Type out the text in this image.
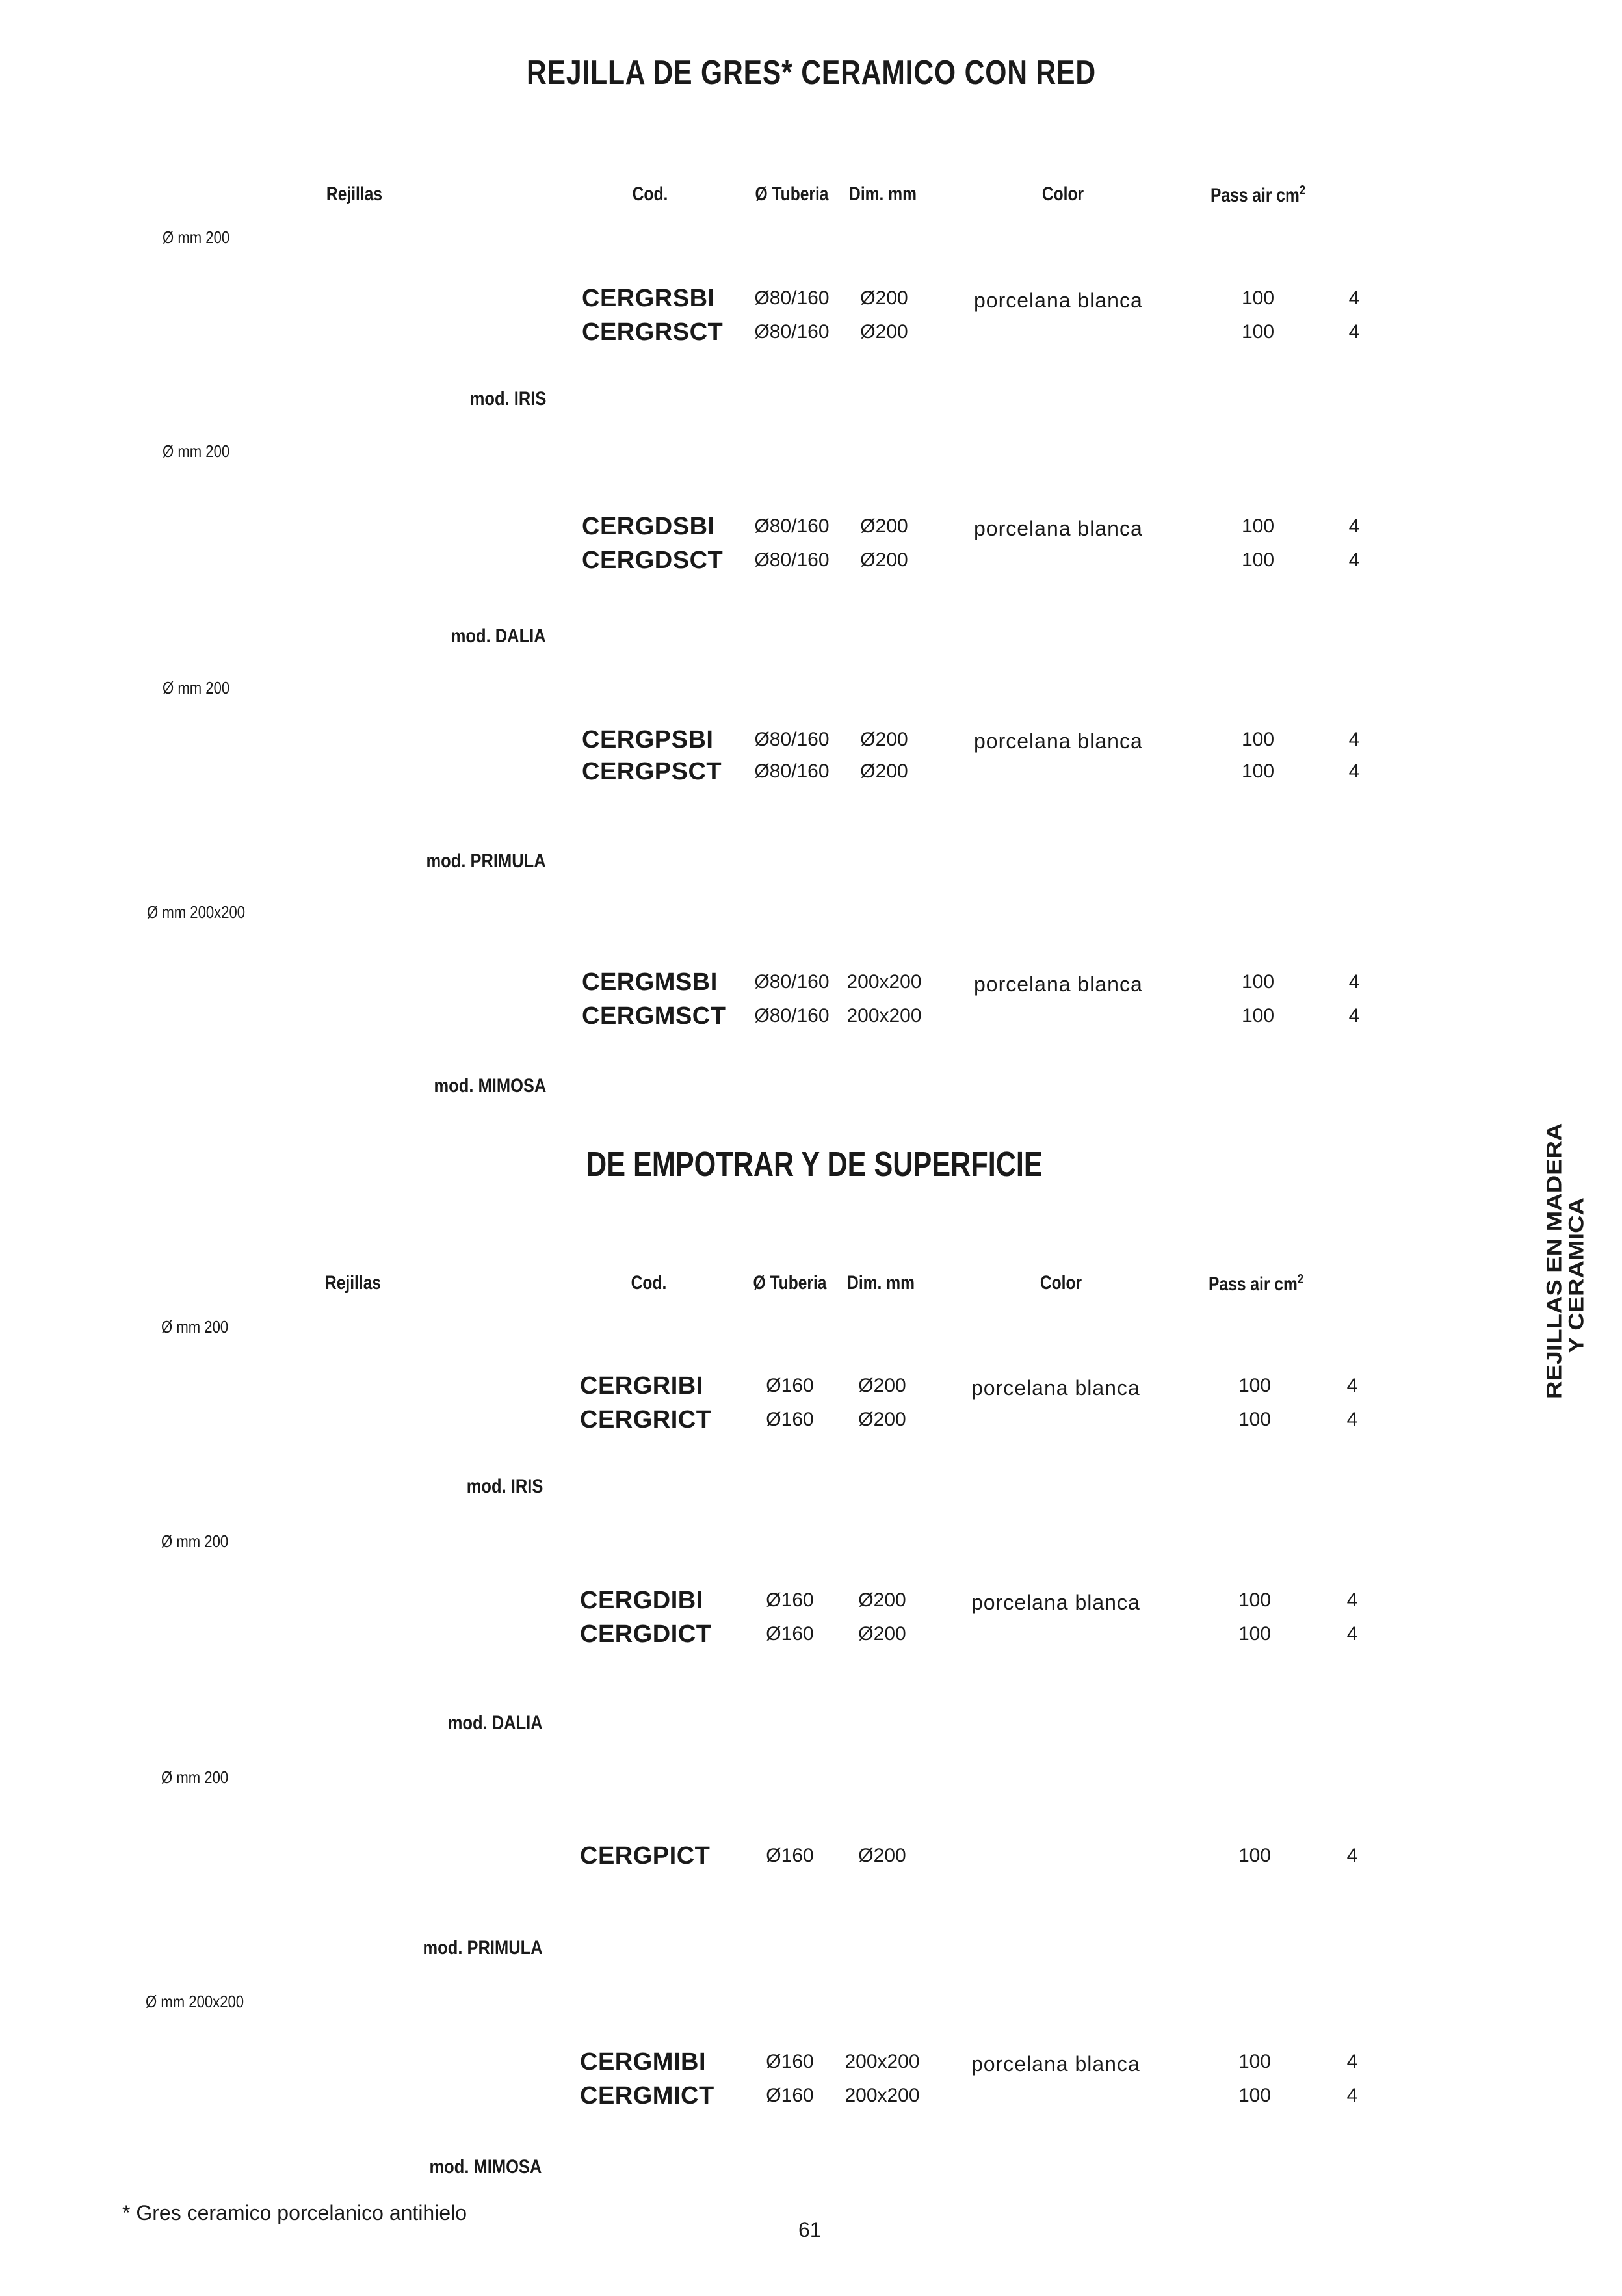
REJILLA DE GRES* CERAMICO CON RED
Rejillas	Cod.	Ø Tuberia Dim. mm	Color	Pass air $cm^2$
Ø mm 200
CERGRSBI Ø80/160 Ø200	porcelana blanca	100	4
CERGRSCT Ø80/160 Ø200	100	4
mod. IRIS
Ø mm 200
CERGDSBI Ø80/160 Ø200	porcelana blanca	100	4
CERGDSCT Ø80/160 Ø200	100	4
mod. DALIA
Ø mm 200
CERGPSBI Ø80/160 Ø200	porcelana blanca	100	4
CERGPSCT Ø80/160 Ø200	100	4
mod. PRIMULA
Ø mm 200x200
CERGMSBI Ø80/160 200x200	porcelana blanca	100	4
CERGMSCT Ø80/160 200x200	100	4
mod. MIMOSA
DE EMPOTRAR Y DE SUPERFICIE
Rejillas	Cod.	Ø Tuberia Dim. mm	Color	Pass air $cm^2$
Ø mm 200
CERGRIBI	Ø160 Ø200	porcelana blanca	100	4
CERGRICT	Ø160 Ø200	100	4
mod. IRIS
Ø mm 200
CERGDIBI	Ø160 Ø200	porcelana blanca	100	4
CERGDICT	Ø160 Ø200	100	4
mod. DALIA
Ø mm 200
CERGPICT	Ø160 Ø200	100	4
mod. PRIMULA
Ø mm 200x200
CERGMIBI	Ø160 200x200 porcelana blanca	100	4
CERGMICT	Ø160 200x200	100	4
mod. MIMOSA
REJILLAS EN MADERA
Y CERAMICA
* Gres ceramico porcelanico antihielo
61
